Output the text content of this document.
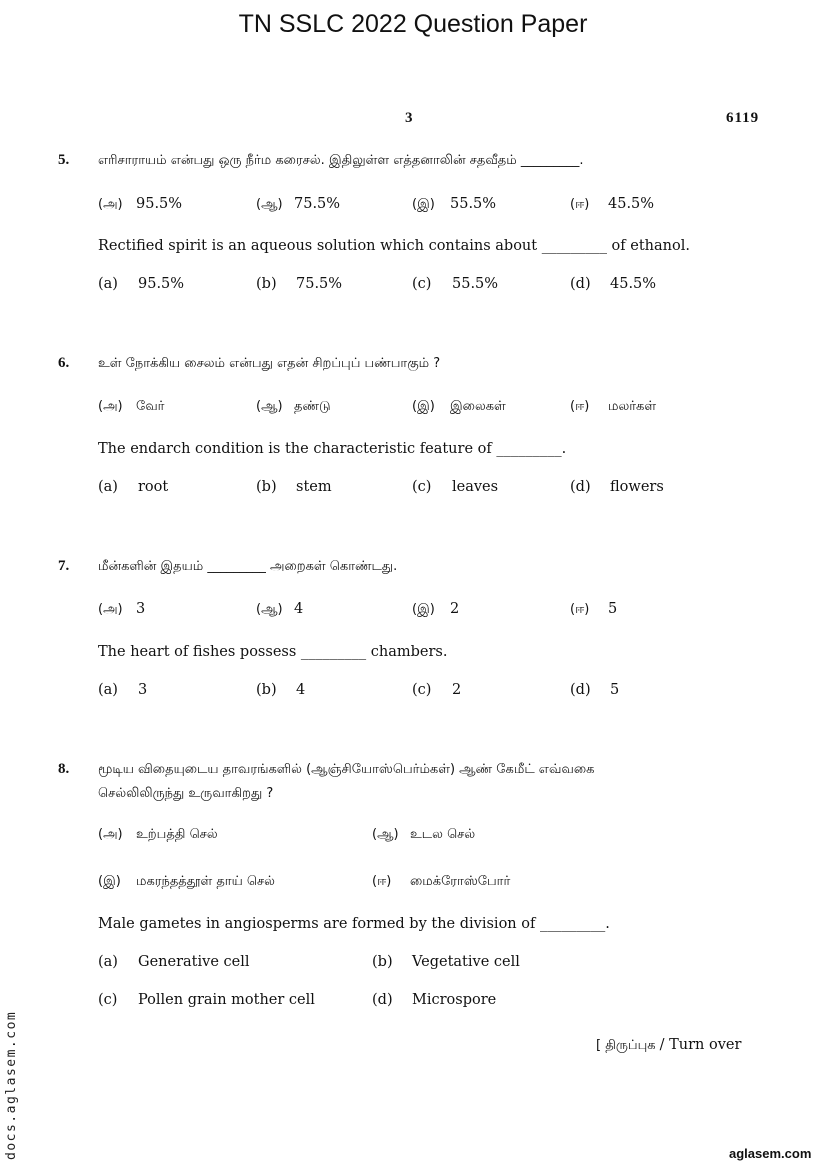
TN SSLC 2022 Question Paper
3	6119
5. எரிசாராயம் என்பது ஒரு நீர்ம கரைசல். இதிலுள்ள எத்தனாலின் சதவீதம் _________.
(அ) 95.5%	(ஆ) 75.5%	(இ) 55.5%	(ஈ) 45.5%
Rectified spirit is an aqueous solution which contains about _________ of ethanol.
(a) 95.5%	(b) 75.5%	(c) 55.5%	(d) 45.5%
6. உள் நோக்கிய சைலம் என்பது எதன் சிறப்புப் பண்பாகும் ?
(அ) வேர்	(ஆ) தண்டு	(இ) இலைகள்	(ஈ) மலர்கள்
The endarch condition is the characteristic feature of _________.
(a) root	(b) stem	(c) leaves	(d) flowers
7. மீன்களின் இதயம் _________ அறைகள் கொண்டது.
(அ) 3	(ஆ) 4	(இ) 2	(ஈ) 5
The heart of fishes possess _________ chambers.
(a) 3	(b) 4	(c) 2	(d) 5
8. மூடிய விதையுடைய தாவரங்களில் (ஆஞ்சியோஸ்பெர்ம்கள்) ஆண் கேமீட் எவ்வகை
செல்லிலிருந்து உருவாகிறது ?
(அ) உற்பத்தி செல்	(ஆ) உடல செல்
(இ) மகரந்தத்தூள் தாய் செல்	(ஈ) மைக்ரோஸ்போர்
Male gametes in angiosperms are formed by the division of _________.
(a) Generative cell	(b) Vegetative cell
(c) Pollen grain mother cell	(d) Microspore
[ திருப்புக / Turn over
docs.aglasem.com	aglasem.com
